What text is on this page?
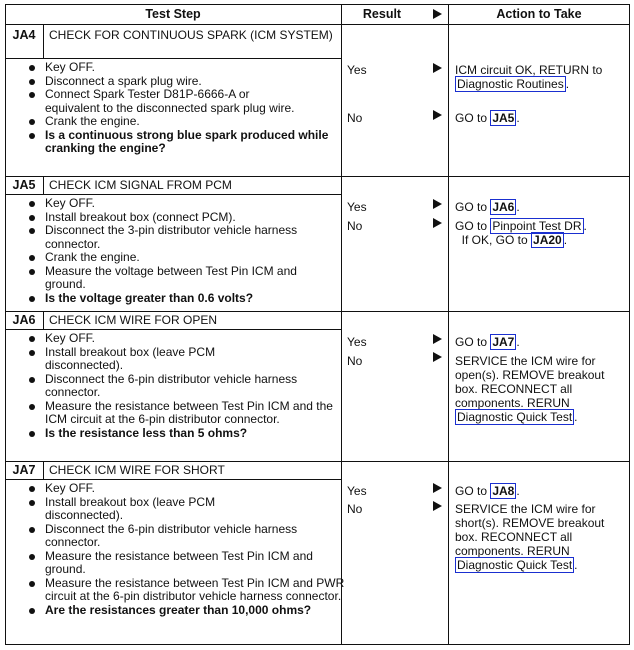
Test Step	Result	Action to Take
JA4	CHECK FOR CONTINUOUS SPARK (ICM SYSTEM)
Key OFF.
Disconnect a spark plug wire.
Connect Spark Tester D81P-6666-A or equivalent to the disconnected spark plug wire.
Crank the engine.
Is a continuous strong blue spark produced while cranking the engine?
Yes	ICM circuit OK, RETURN to Diagnostic Routines .
No	GO to JA5 .
JA5	CHECK ICM SIGNAL FROM PCM
Key OFF.
Install breakout box (connect PCM).
Disconnect the 3-pin distributor vehicle harness connector.
Crank the engine.
Measure the voltage between Test Pin ICM and ground.
Is the voltage greater than 0.6 volts?
Yes	GO to JA6 .
No	GO to Pinpoint Test DR .
If OK, GO to JA20 .
JA6	CHECK ICM WIRE FOR OPEN
Key OFF.
Install breakout box (leave PCM disconnected).
Disconnect the 6-pin distributor vehicle harness connector.
Measure the resistance between Test Pin ICM and the ICM circuit at the 6-pin distributor connector.
Is the resistance less than 5 ohms?
Yes	GO to JA7 .
No	SERVICE the ICM wire for open(s). REMOVE breakout box. RECONNECT all components. RERUN Diagnostic Quick Test .
JA7	CHECK ICM WIRE FOR SHORT
Key OFF.
Install breakout box (leave PCM disconnected).
Disconnect the 6-pin distributor vehicle harness connector.
Measure the resistance between Test Pin ICM and ground.
Measure the resistance between Test Pin ICM and PWR circuit at the 6-pin distributor vehicle harness connector.
Are the resistances greater than 10,000 ohms?
Yes	GO to JA8 .
No	SERVICE the ICM wire for short(s). REMOVE breakout box. RECONNECT all components. RERUN Diagnostic Quick Test .
